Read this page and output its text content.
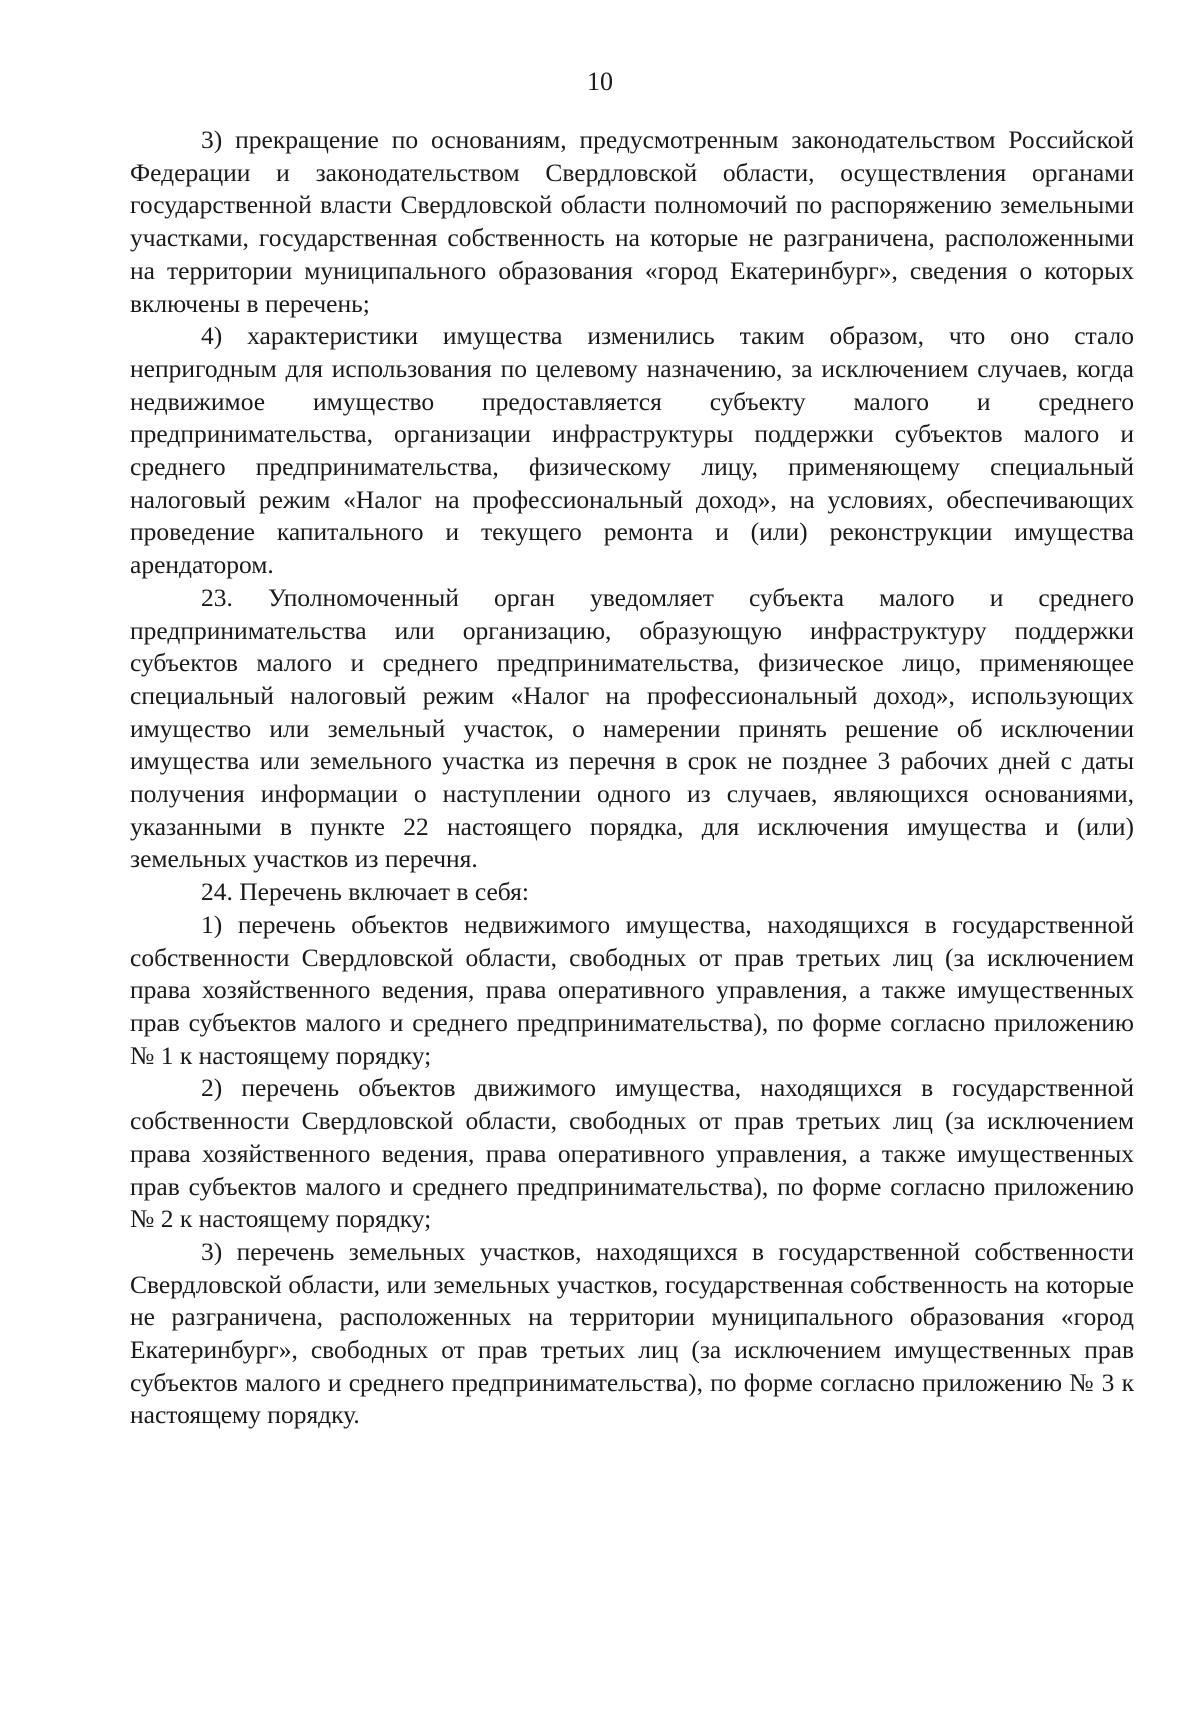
10

3) прекращение по основаниям, предусмотренным законодательством Российской Федерации и законодательством Свердловской области, осуществления органами государственной власти Свердловской области полномочий по распоряжению земельными участками, государственная собственность на которые не разграничена, расположенными на территории муниципального образования «город Екатеринбург», сведения о которых включены в перечень;

4) характеристики имущества изменились таким образом, что оно стало непригодным для использования по целевому назначению, за исключением случаев, когда недвижимое имущество предоставляется субъекту малого и среднего предпринимательства, организации инфраструктуры поддержки субъектов малого и среднего предпринимательства, физическому лицу, применяющему специальный налоговый режим «Налог на профессиональный доход», на условиях, обеспечивающих проведение капитального и текущего ремонта и (или) реконструкции имущества арендатором.

23. Уполномоченный орган уведомляет субъекта малого и среднего предпринимательства или организацию, образующую инфраструктуру поддержки субъектов малого и среднего предпринимательства, физическое лицо, применяющее специальный налоговый режим «Налог на профессиональный доход», использующих имущество или земельный участок, о намерении принять решение об исключении имущества или земельного участка из перечня в срок не позднее 3 рабочих дней с даты получения информации о наступлении одного из случаев, являющихся основаниями, указанными в пункте 22 настоящего порядка, для исключения имущества и (или) земельных участков из перечня.

24. Перечень включает в себя:

1) перечень объектов недвижимого имущества, находящихся в государственной собственности Свердловской области, свободных от прав третьих лиц (за исключением права хозяйственного ведения, права оперативного управления, а также имущественных прав субъектов малого и среднего предпринимательства), по форме согласно приложению № 1 к настоящему порядку;

2) перечень объектов движимого имущества, находящихся в государственной собственности Свердловской области, свободных от прав третьих лиц (за исключением права хозяйственного ведения, права оперативного управления, а также имущественных прав субъектов малого и среднего предпринимательства), по форме согласно приложению № 2 к настоящему порядку;

3) перечень земельных участков, находящихся в государственной собственности Свердловской области, или земельных участков, государственная собственность на которые не разграничена, расположенных на территории муниципального образования «город Екатеринбург», свободных от прав третьих лиц (за исключением имущественных прав субъектов малого и среднего предпринимательства), по форме согласно приложению № 3 к настоящему порядку.
